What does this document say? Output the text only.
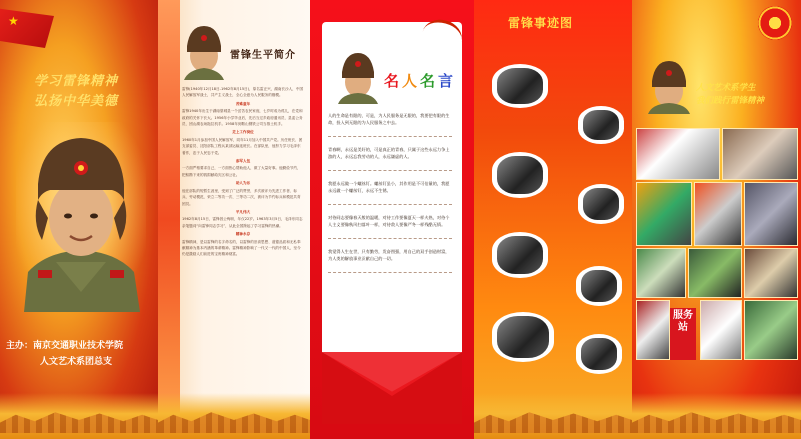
★
学习雷锋精神
弘扬中华美德
主办：南京交通职业技术学院
人文艺术系团总支
雷锋生平简介

雷锋(1940年12月18日-1962年8月15日)，原名雷正兴，湖南长沙人，中国人民解放军战士，共产主义战士，全心全意为人民服务的楷模。

苦难童年

雷锋1940年出生于湖南望城县一个贫苦农民家庭，七岁时成为孤儿，在党和政府的关怀下长大。1956年小学毕业后，先后当过乡政府通讯员、县委公务员、团山湖农场拖拉机手。1958年到鞍山钢铁公司当推土机手。

走上工作岗位

1960年1月参加中国人民解放军，同年11月加入中国共产党。历任班长、团支部委员、沈阳部队工程兵某部运输连班长。在部队里，他努力学习毛泽东著作，忠于人民忠于党。

参军入伍

一方面严格要求自己，一方面热心帮助他人，做了大量好事。他勤俭节约，把积攒下来的钱捐献给灾区和公社。

助人为乐

他在部队的短暂生涯里，受到了广泛的赞誉，多次被评为先进工作者、标兵、劳动模范，荣立二等功一次、三等功二次，被评为节约标兵和模范共青团员。

平凡伟大

1962年8月15日，雷锋因公殉职，年仅22岁。1963年3月5日，毛泽东同志亲笔题词“向雷锋同志学习”，从此全国掀起了学习雷锋的热潮。

精神永存

雷锋精神，是以雷锋的名字命名的，以雷锋的崇高思想、道德品质和无私奉献精神为基本内涵的革命精神。雷锋精神影响了一代又一代的中国人，至今仍是激励人们前进的宝贵精神财富。

名 人 名 言
人的生命是有限的，可是，为人民服务是无限的，我要把有限的生命，投入到无限的为人民服务之中去。
青春啊，永远是美好的，可是真正的青春，只属于这些永远力争上游的人，永远忘我劳动的人，永远谦虚的人。
我愿永远做一个螺丝钉。螺丝钉虽小，其作用是不可估量的，我愿永远做一个螺丝钉，永远不生锈。
对待同志要像春天般的温暖，对待工作要像夏天一样火热，对待个人主义要像秋风扫落叶一样，对待敌人要像严冬一样残酷无情。
我觉得人生在世，只有勤劳，发奋图强，用自己的双手创造财富，为人类的解放事业贡献自己的一切。
雷锋事迹图
人文艺术系学生
我们践行雷锋精神
服务站
